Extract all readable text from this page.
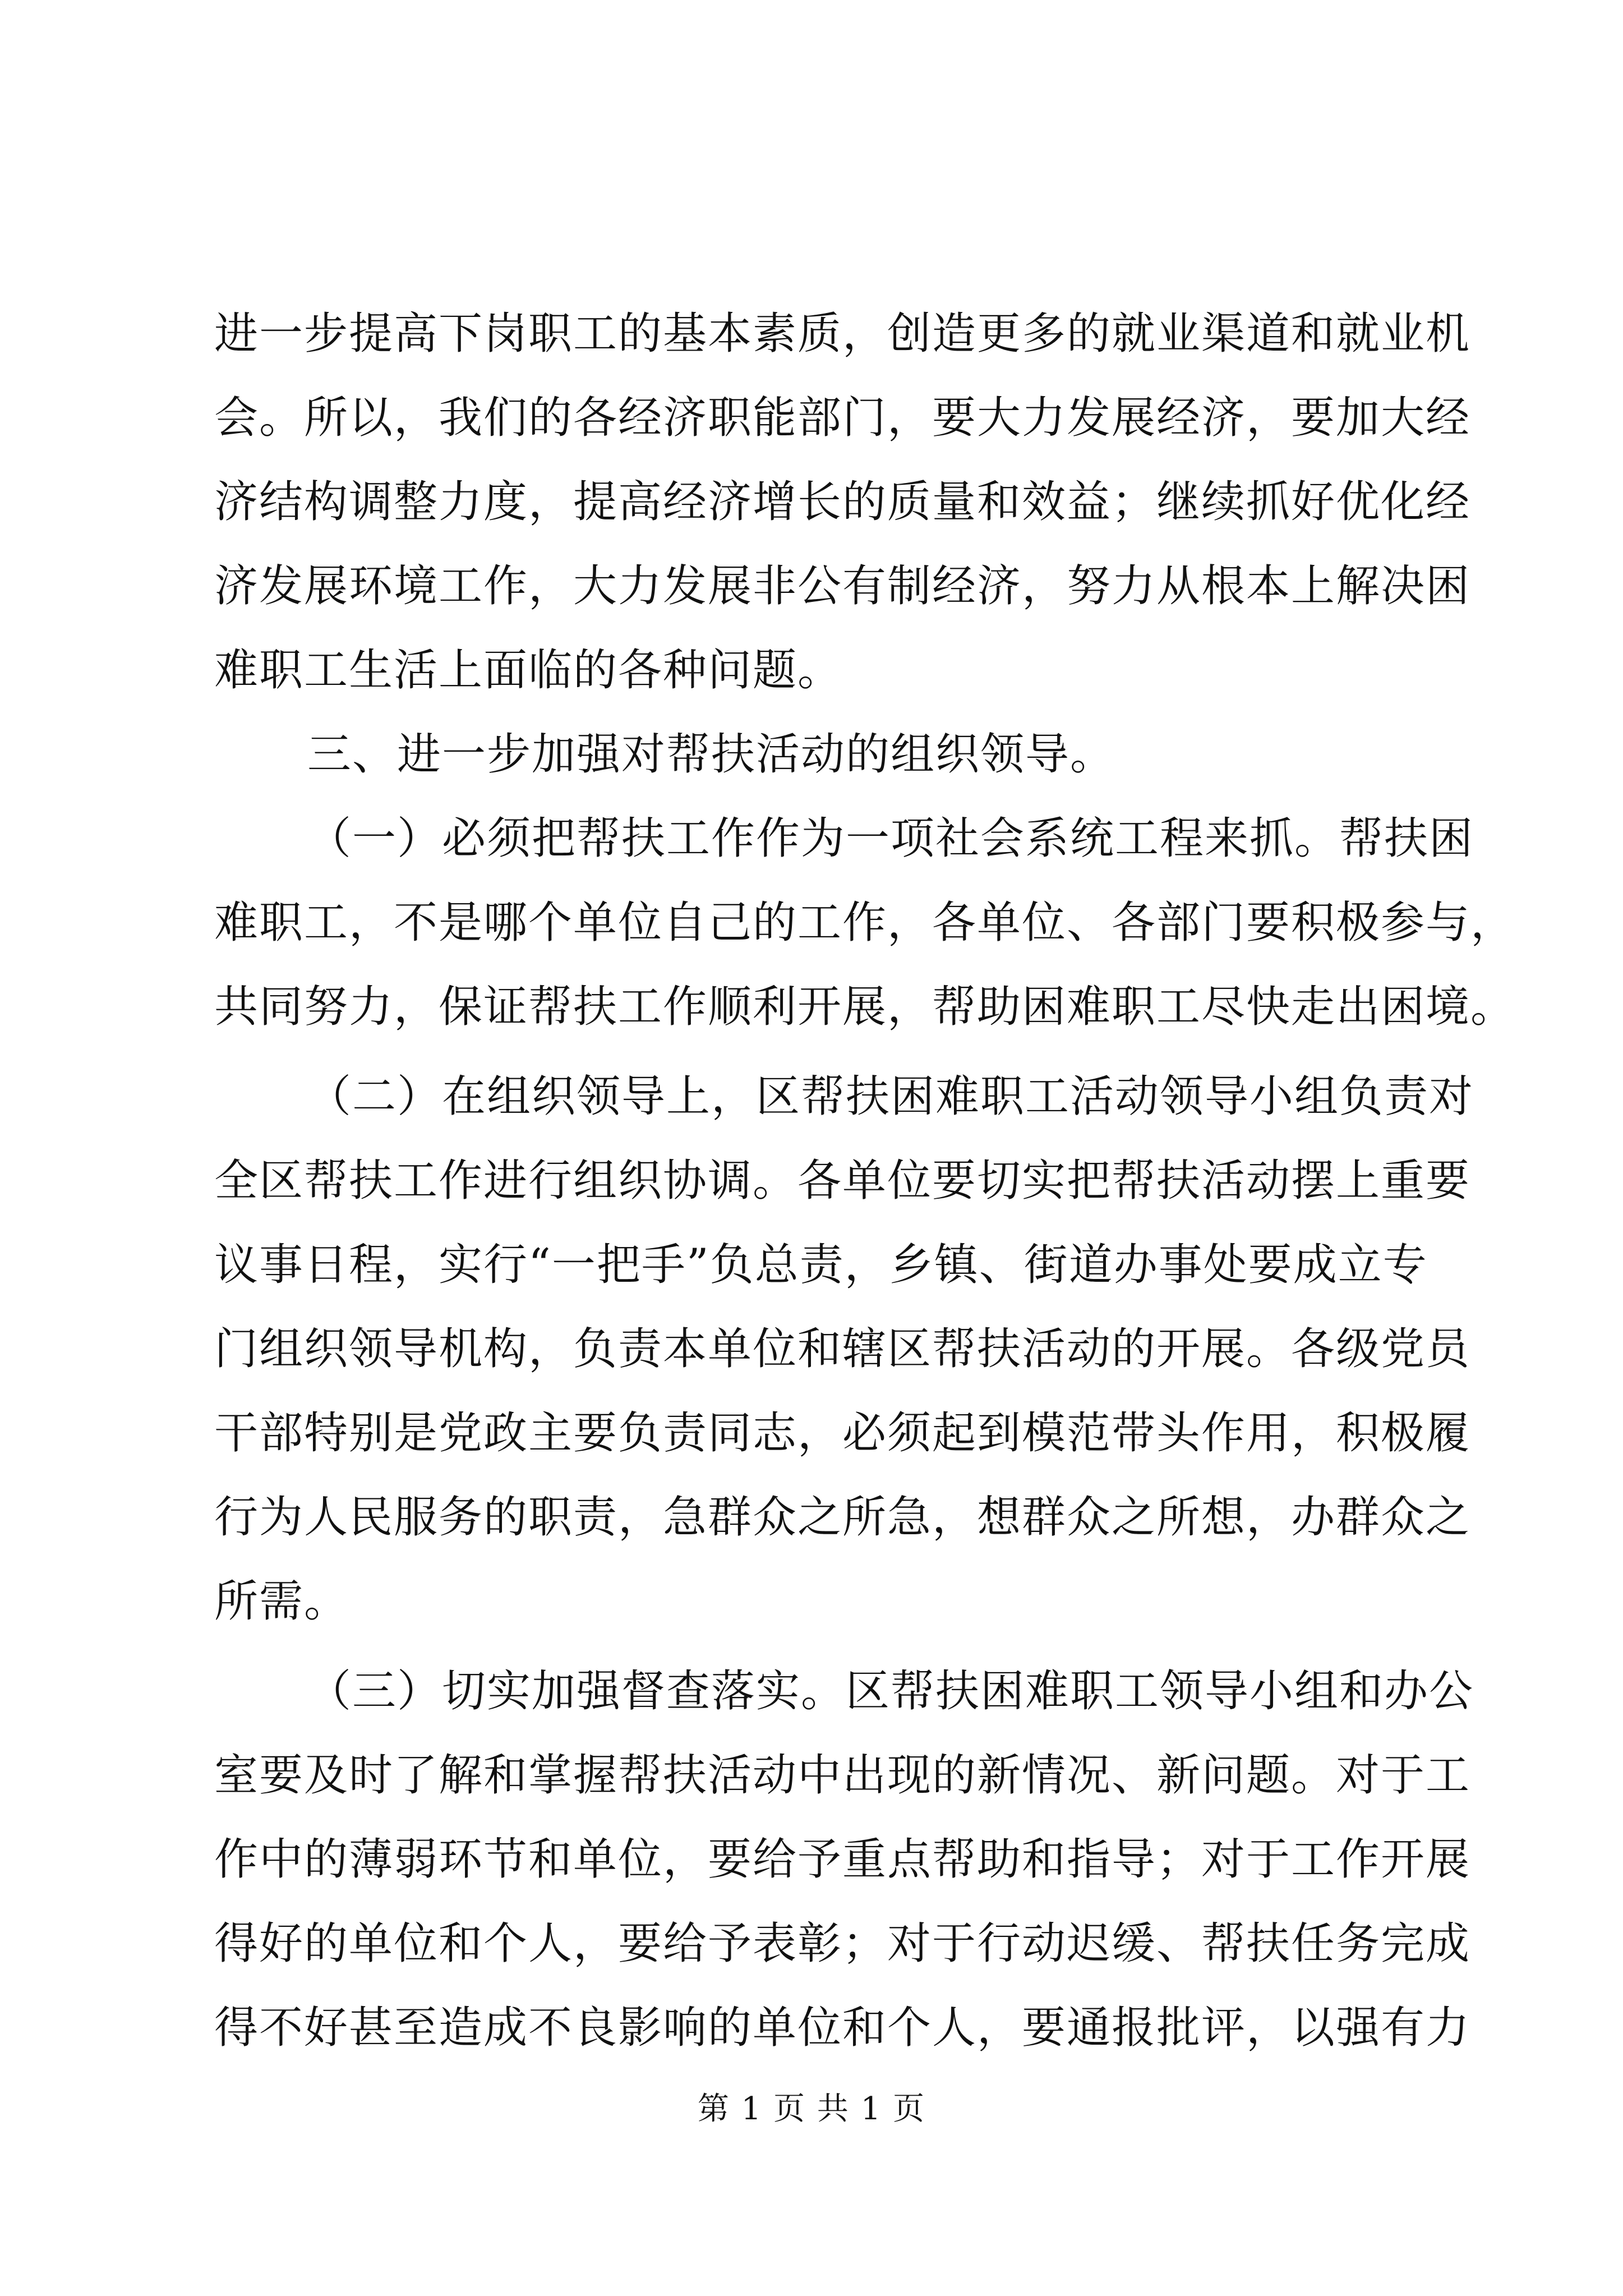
进一步提高下岗职工的基本素质，创造更多的就业渠道和就业机
会。所以，我们的各经济职能部门，要大力发展经济，要加大经
济结构调整力度，提高经济增长的质量和效益；继续抓好优化经
济发展环境工作，大力发展非公有制经济，努力从根本上解决困
难职工生活上面临的各种问题。
三、进一步加强对帮扶活动的组织领导。
（一）必须把帮扶工作作为一项社会系统工程来抓。帮扶困
难职工，不是哪个单位自己的工作，各单位、各部门要积极参与，
共同努力，保证帮扶工作顺利开展，帮助困难职工尽快走出困境。
（二）在组织领导上，区帮扶困难职工活动领导小组负责对
全区帮扶工作进行组织协调。各单位要切实把帮扶活动摆上重要
议事日程，实行“一把手”负总责，乡镇、街道办事处要成立专
门组织领导机构，负责本单位和辖区帮扶活动的开展。各级党员
干部特别是党政主要负责同志，必须起到模范带头作用，积极履
行为人民服务的职责，急群众之所急，想群众之所想，办群众之
所需。
（三）切实加强督查落实。区帮扶困难职工领导小组和办公
室要及时了解和掌握帮扶活动中出现的新情况、新问题。对于工
作中的薄弱环节和单位，要给予重点帮助和指导；对于工作开展
得好的单位和个人，要给予表彰；对于行动迟缓、帮扶任务完成
得不好甚至造成不良影响的单位和个人，要通报批评，以强有力
第 1 页 共 1 页
